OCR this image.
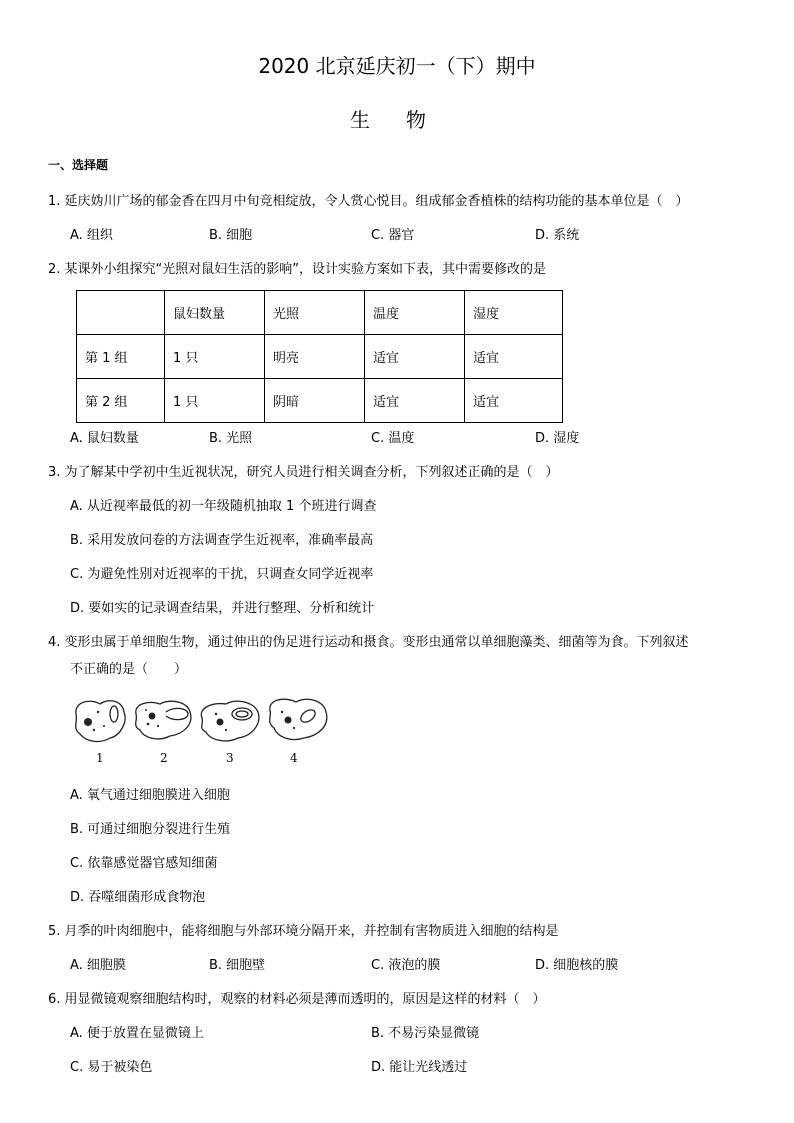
2020 北京延庆初一（下）期中
生物
一、选择题
1. 延庆妫川广场的郁金香在四月中旬竞相绽放，令人赏心悦目。组成郁金香植株的结构功能的基本单位是（　）
A. 组织	B. 细胞	C. 器官	D. 系统
2. 某课外小组探究“光照对鼠妇生活的影响”，设计实验方案如下表，其中需要修改的是
	鼠妇数量	光照	温度	湿度
第 1 组	1 只	明亮	适宜	适宜
第 2 组	1 只	阴暗	适宜	适宜
A. 鼠妇数量	B. 光照	C. 温度	D. 湿度
3. 为了解某中学初中生近视状况，研究人员进行相关调查分析，下列叙述正确的是（　）
A. 从近视率最低的初一年级随机抽取 1 个班进行调查
B. 采用发放问卷的方法调查学生近视率，准确率最高
C. 为避免性别对近视率的干扰，只调查女同学近视率
D. 要如实的记录调查结果，并进行整理、分析和统计
4. 变形虫属于单细胞生物，通过伸出的伪足进行运动和摄食。变形虫通常以单细胞藻类、细菌等为食。下列叙述
不正确的是（　　）
1	2	3	4
A. 氧气通过细胞膜进入细胞
B. 可通过细胞分裂进行生殖
C. 依靠感觉器官感知细菌
D. 吞噬细菌形成食物泡
5. 月季的叶肉细胞中，能将细胞与外部环境分隔开来，并控制有害物质进入细胞的结构是
A. 细胞膜	B. 细胞壁	C. 液泡的膜	D. 细胞核的膜
6. 用显微镜观察细胞结构时，观察的材料必须是薄而透明的，原因是这样的材料（　）
A. 便于放置在显微镜上	B. 不易污染显微镜
C. 易于被染色	D. 能让光线透过
